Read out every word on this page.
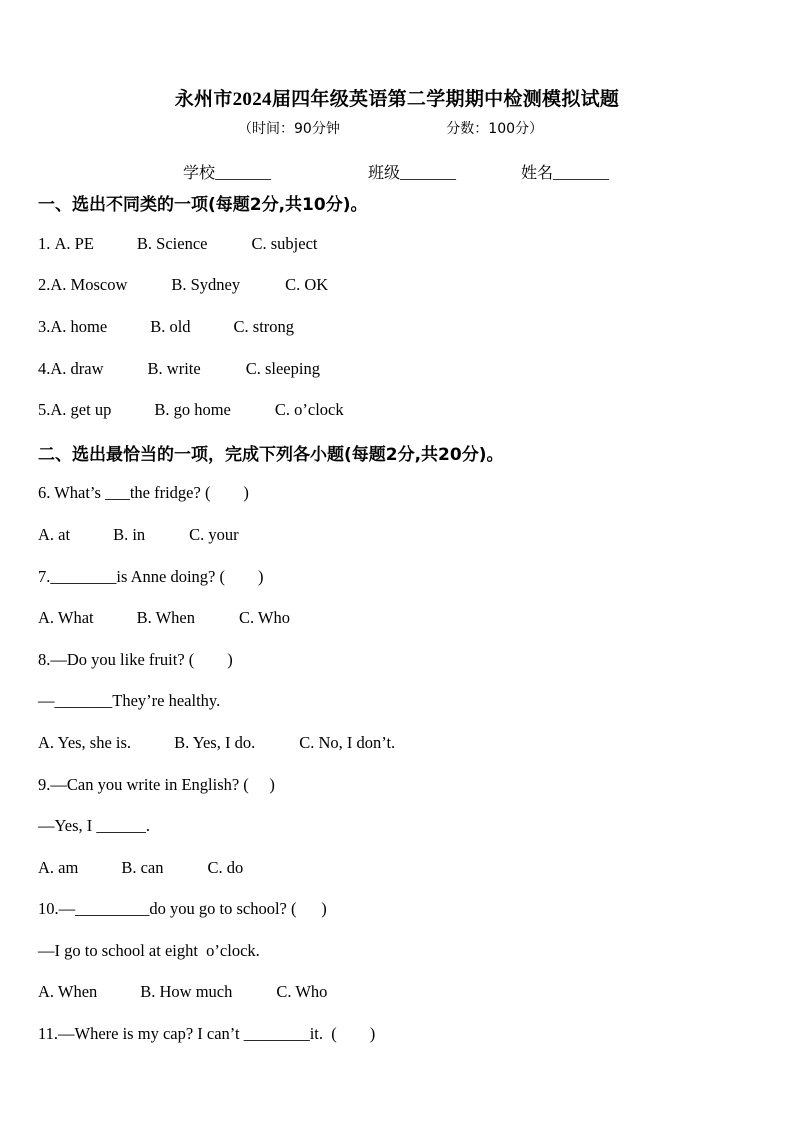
永州市2024届四年级英语第二学期期中检测模拟试题
（时间：90分钟	分数：100分）
学校_______	班级_______	姓名_______
一、选出不同类的一项(每题2分,共10分)。
1. A. PE	B. Science	C. subject
2.A. Moscow	B. Sydney	C. OK
3.A. home	B. old	C. strong
4.A. draw	B. write	C. sleeping
5.A. get up	B. go home	C. o’clock
二、选出最恰当的一项，完成下列各小题(每题2分,共20分)。
6. What’s ___the fridge? (        )
A. at	B. in	C. your
7.________is Anne doing? (        )
A. What	B. When	C. Who
8.—Do you like fruit? (        )
—_______They’re healthy.
A. Yes, she is.	B. Yes, I do.	C. No, I don’t.
9.—Can you write in English? (     )
—Yes, I ______.
A. am	B. can	C. do
10.—_________do you go to school? (      )
—I go to school at eight  o’clock.
A. When	B. How much	C. Who
11.—Where is my cap? I can’t ________it.  (        )
